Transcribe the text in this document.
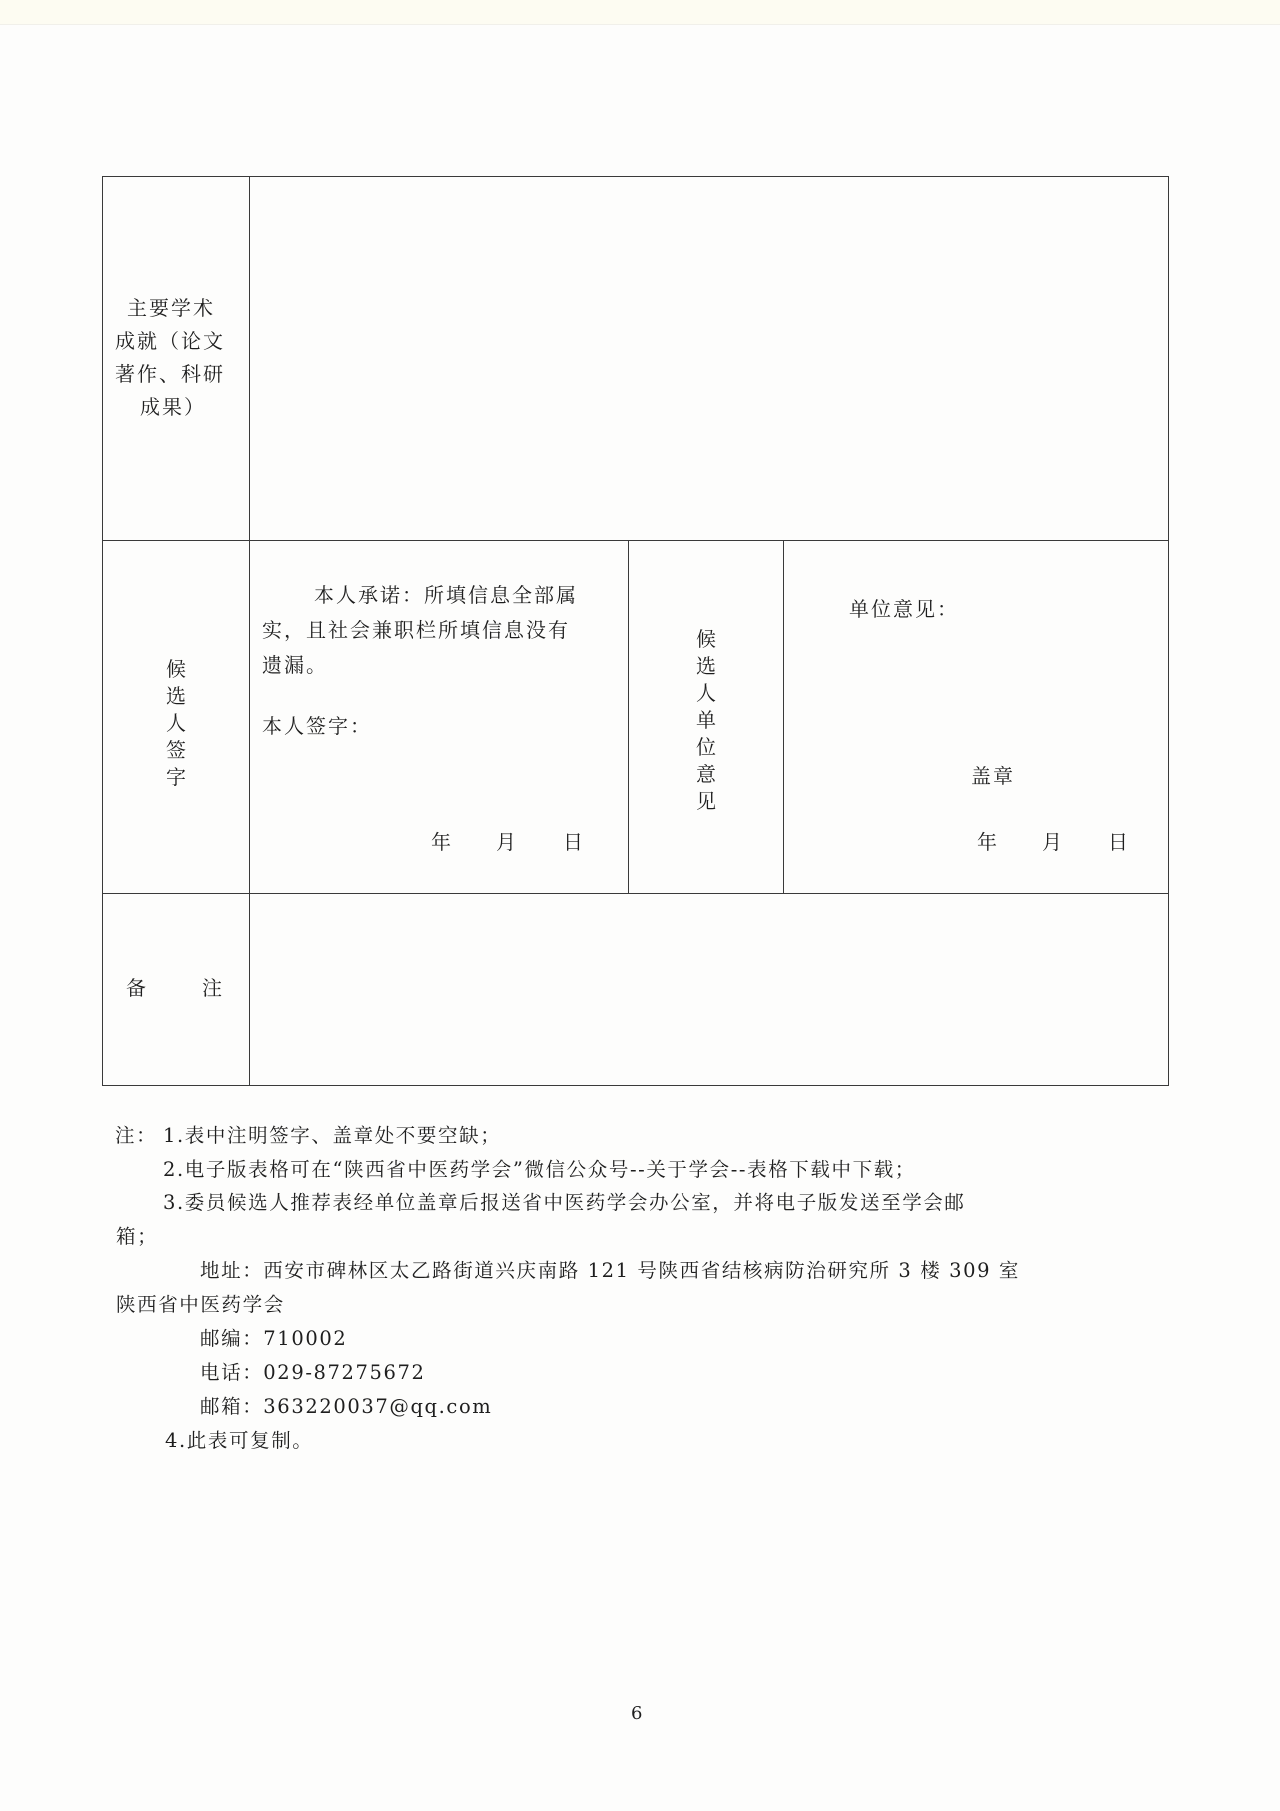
主要学术
成就（论文
著作、科研
成果）
候选人签字
本人承诺：所填信息全部属
实，且社会兼职栏所填信息没有
遗漏。
本人签字：
年 月 日
候选人单位意见
单位意见：
盖章
年 月 日
备	注
注： 1.表中注明签字、盖章处不要空缺；
2.电子版表格可在“陕西省中医药学会”微信公众号--关于学会--表格下载中下载；
3.委员候选人推荐表经单位盖章后报送省中医药学会办公室，并将电子版发送至学会邮
箱；
地址：西安市碑林区太乙路街道兴庆南路 121 号陕西省结核病防治研究所 3 楼 309 室
陕西省中医药学会
邮编：710002
电话：029-87275672
邮箱：363220037@qq.com
4.此表可复制。
6
